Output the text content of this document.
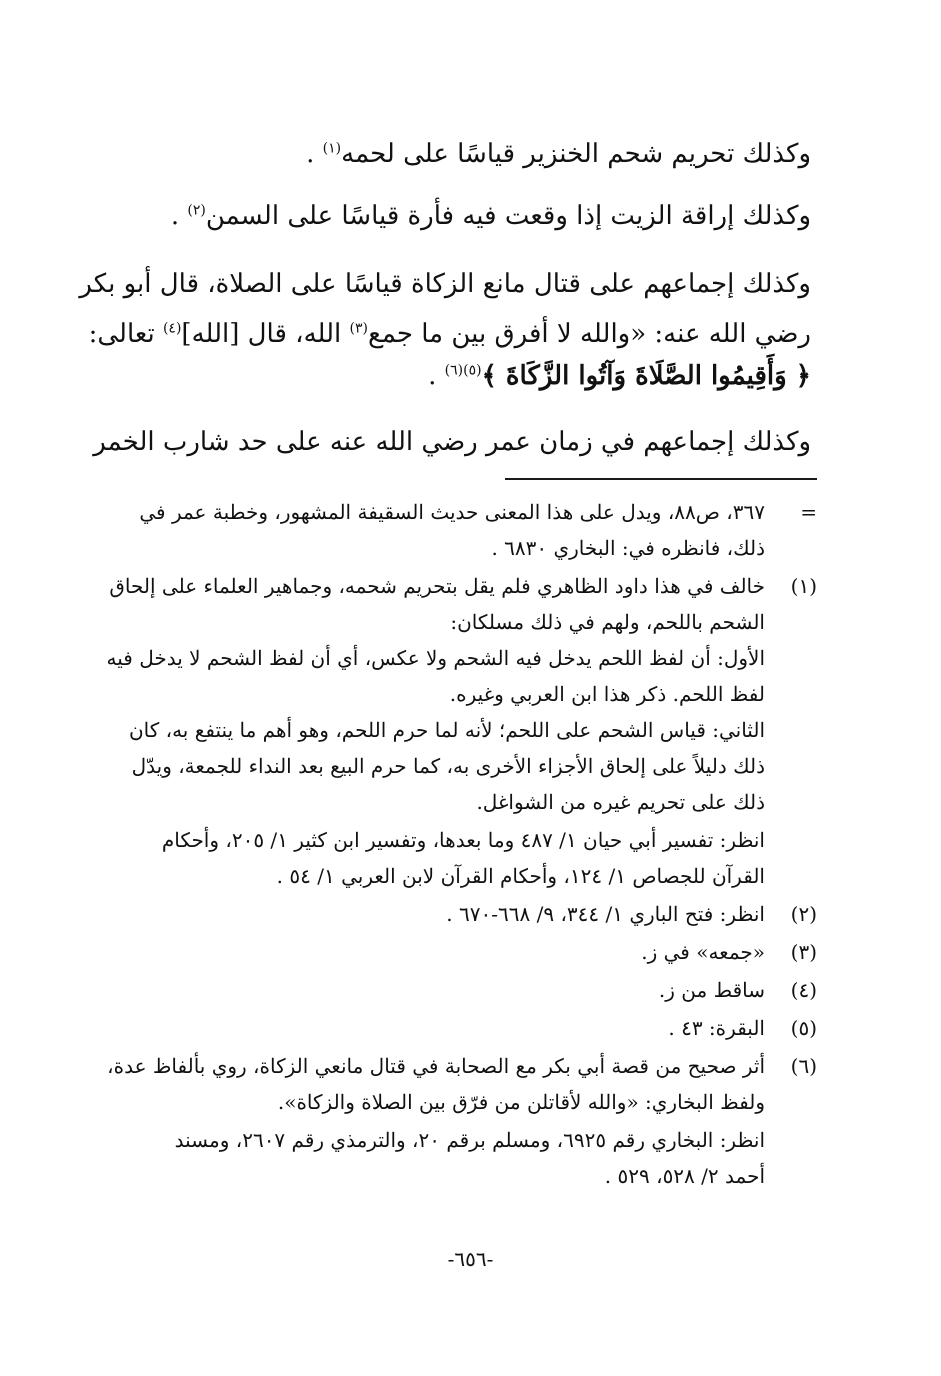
وكذلك تحريم شحم الخنزير قياسًا على لحمه$^{(١)}$ .
وكذلك إراقة الزيت إذا وقعت فيه فأرة قياسًا على السمن$^{(٢)}$ .
وكذلك إجماعهم على قتال مانع الزكاة قياسًا على الصلاة، قال أبو بكر
رضي الله عنه: «والله لا أفرق بين ما جمع$^{(٣)}$ الله، قال [الله]$^{(٤)}$ تعالى:
﴿ وَأَقِيمُوا الصَّلَاةَ وَآتُوا الزَّكَاةَ ﴾$^{(٥)(٦)}$ .
وكذلك إجماعهم في زمان عمر رضي الله عنه على حد شارب الخمر
=
٣٦٧، ص٨٨، ويدل على هذا المعنى حديث السقيفة المشهور، وخطبة عمر في
ذلك، فانظره في: البخاري ٦٨٣٠ .
(١)
خالف في هذا داود الظاهري فلم يقل بتحريم شحمه، وجماهير العلماء على إلحاق
الشحم باللحم، ولهم في ذلك مسلكان:
الأول: أن لفظ اللحم يدخل فيه الشحم ولا عكس، أي أن لفظ الشحم لا يدخل فيه
لفظ اللحم. ذكر هذا ابن العربي وغيره.
الثاني: قياس الشحم على اللحم؛ لأنه لما حرم اللحم، وهو أهم ما ينتفع به، كان
ذلك دليلاً على إلحاق الأجزاء الأخرى به، كما حرم البيع بعد النداء للجمعة، ويدّل
ذلك على تحريم غيره من الشواغل.
انظر: تفسير أبي حيان ١/ ٤٨٧ وما بعدها، وتفسير ابن كثير ١/ ٢٠٥، وأحكام
القرآن للجصاص ١/ ١٢٤، وأحكام القرآن لابن العربي ١/ ٥٤ .
(٢)
انظر: فتح الباري ١/ ٣٤٤، ٩/ ٦٦٨-٦٧٠ .
(٣)
«جمعه» في ز.
(٤)
ساقط من ز.
(٥)
البقرة: ٤٣ .
(٦)
أثر صحيح من قصة أبي بكر مع الصحابة في قتال مانعي الزكاة، روي بألفاظ عدة،
ولفظ البخاري: «والله لأقاتلن من فرّق بين الصلاة والزكاة».
انظر: البخاري رقم ٦٩٢٥، ومسلم برقم ٢٠، والترمذي رقم ٢٦٠٧، ومسند
أحمد ٢/ ٥٢٨، ٥٢٩ .
-٦٥٦-
